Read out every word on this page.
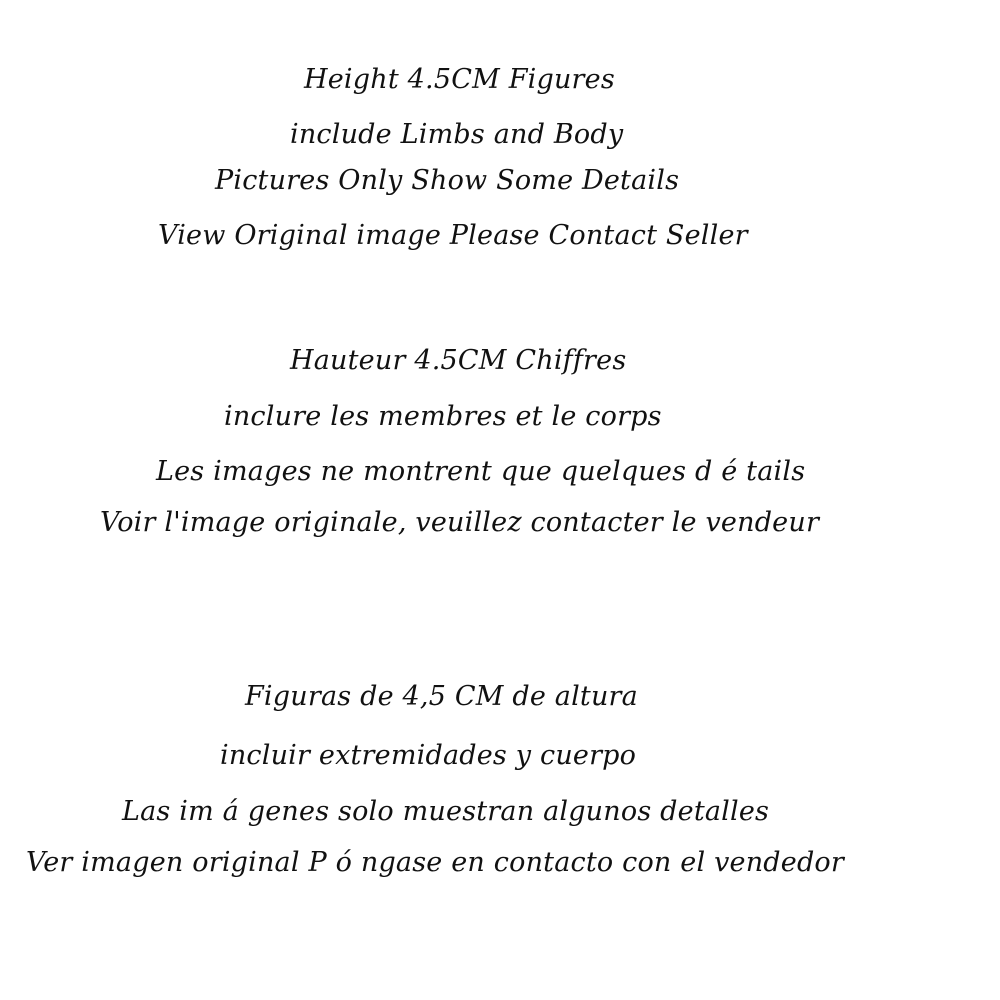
Height 4.5CM Figures
include Limbs and Body
Pictures Only Show Some Details
View Original image Please Contact Seller
Hauteur 4.5CM Chiffres
inclure les membres et le corps
Les images ne montrent que quelques d é tails
Voir l'image originale, veuillez contacter le vendeur
Figuras de 4,5 CM de altura
incluir extremidades y cuerpo
Las im á genes solo muestran algunos detalles
Ver imagen original P ó ngase en contacto con el vendedor
